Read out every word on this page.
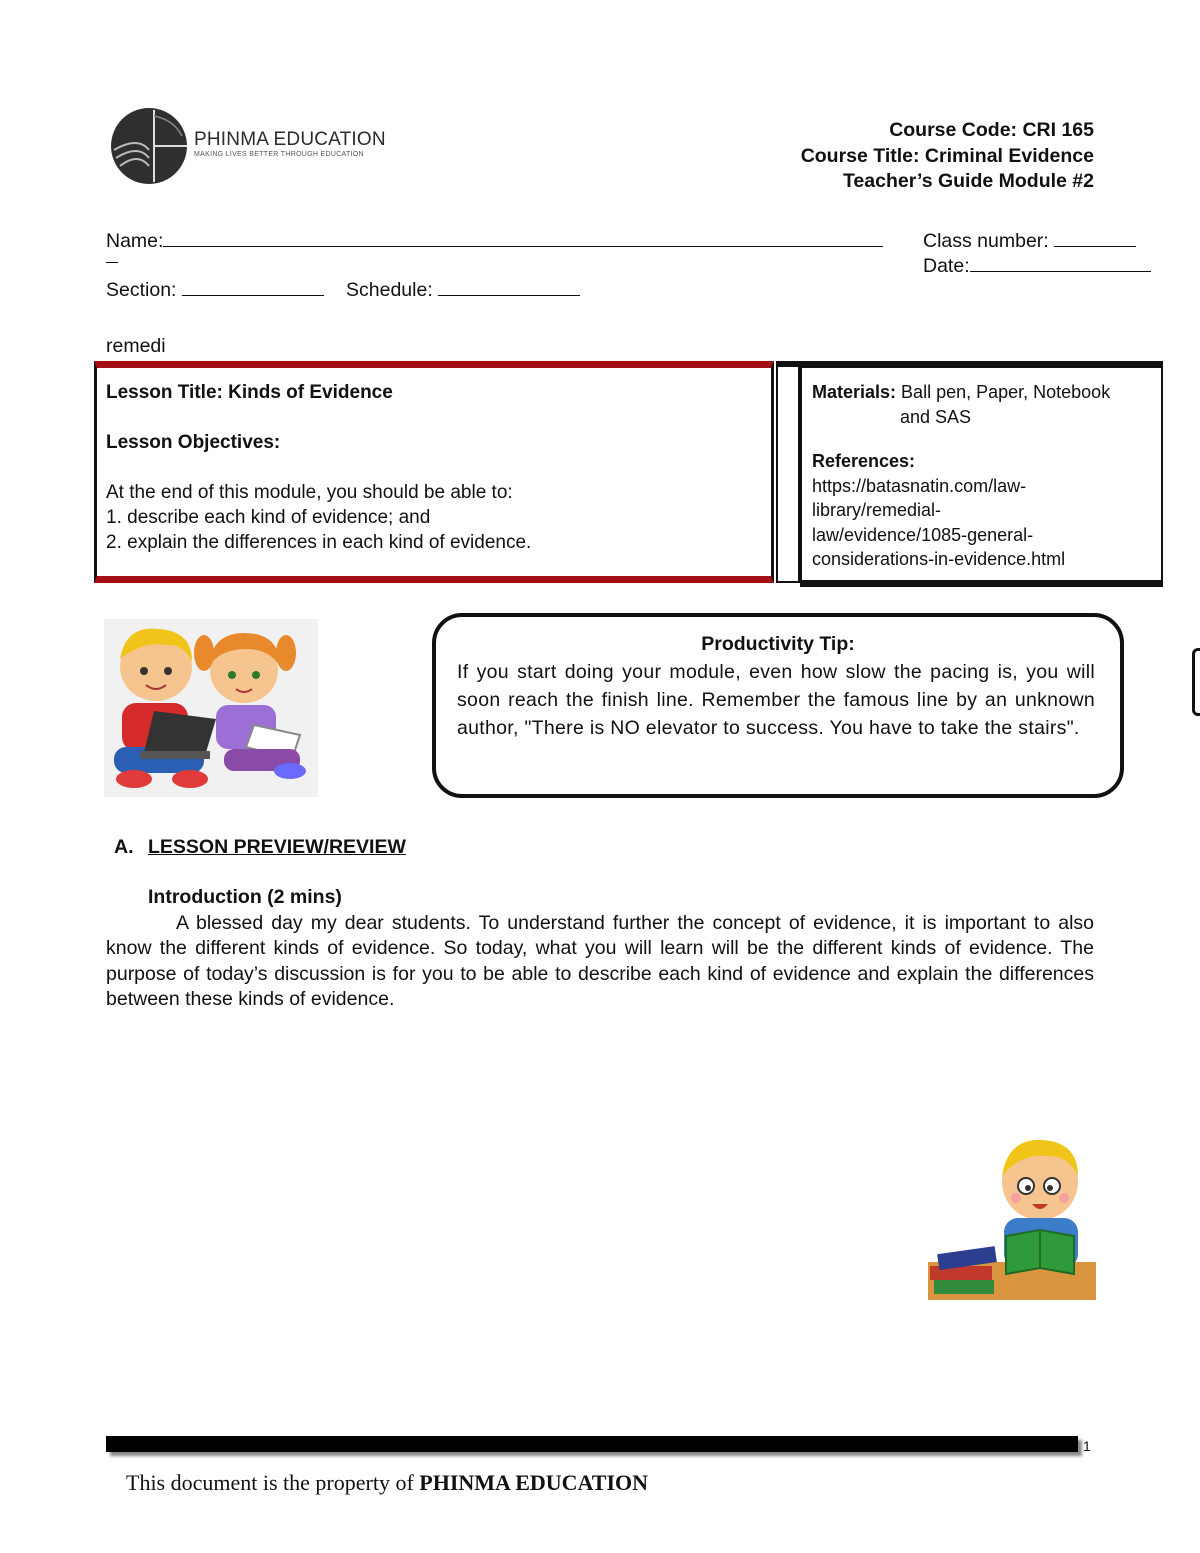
PHINMA EDUCATION
MAKING LIVES BETTER THROUGH EDUCATION
Course Code: CRI 165
Course Title: Criminal Evidence
Teacher’s Guide Module #2
Name:	Class number:
Date:
Section:	Schedule:
remedi
Lesson Title: Kinds of Evidence
Lesson Objectives:
At the end of this module, you should be able to:
1. describe each kind of evidence; and
2. explain the differences in each kind of evidence.
Materials: Ball pen, Paper, Notebook
and SAS
References:
https://batasnatin.com/law-
library/remedial-
law/evidence/1085-general-
considerations-in-evidence.html
Productivity Tip:
If you start doing your module, even how slow the pacing is, you will soon reach the finish line. Remember the famous line by an unknown author, "There is NO elevator to success. You have to take the stairs".
A. LESSON PREVIEW/REVIEW
Introduction (2 mins)
A blessed day my dear students. To understand further the concept of evidence, it is important to also know the different kinds of evidence. So today, what you will learn will be the different kinds of evidence. The purpose of today’s discussion is for you to be able to describe each kind of evidence and explain the differences between these kinds of evidence.
1
This document is the property of PHINMA EDUCATION
